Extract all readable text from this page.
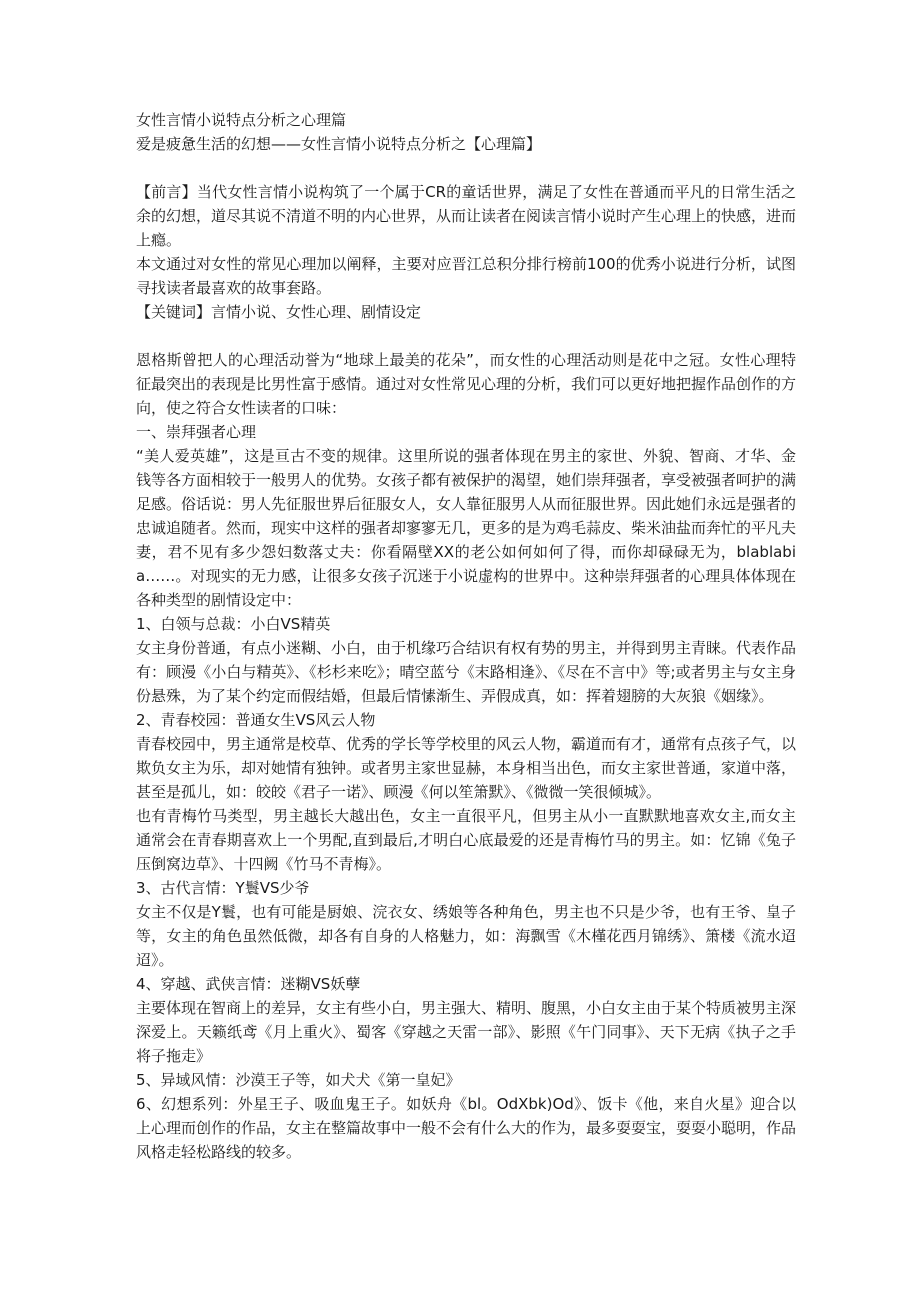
女性言情小说特点分析之心理篇

爱是疲惫生活的幻想——女性言情小说特点分析之【心理篇】

【前言】当代女性言情小说构筑了一个属于CR的童话世界，满足了女性在普通而平凡的日常生活之余的幻想，道尽其说不清道不明的内心世界，从而让读者在阅读言情小说时产生心理上的快感，进而上瘾。

本文通过对女性的常见心理加以阐释，主要对应晋江总积分排行榜前100的优秀小说进行分析，试图寻找读者最喜欢的故事套路。

【关键词】言情小说、女性心理、剧情设定

恩格斯曾把人的心理活动誉为“地球上最美的花朵”，而女性的心理活动则是花中之冠。女性心理特征最突出的表现是比男性富于感情。通过对女性常见心理的分析，我们可以更好地把握作品创作的方向，使之符合女性读者的口味：

一、崇拜强者心理

“美人爱英雄”，这是亘古不变的规律。这里所说的强者体现在男主的家世、外貌、智商、才华、金钱等各方面相较于一般男人的优势。女孩子都有被保护的渴望，她们崇拜强者，享受被强者呵护的满足感。俗话说：男人先征服世界后征服女人，女人靠征服男人从而征服世界。因此她们永远是强者的忠诚追随者。然而，现实中这样的强者却寥寥无几，更多的是为鸡毛蒜皮、柴米油盐而奔忙的平凡夫妻，君不见有多少怨妇数落丈夫：你看隔壁XX的老公如何如何了得，而你却碌碌无为，blablabia……。对现实的无力感，让很多女孩子沉迷于小说虚构的世界中。这种崇拜强者的心理具体体现在各种类型的剧情设定中：

1、白领与总裁：小白VS精英

女主身份普通，有点小迷糊、小白，由于机缘巧合结识有权有势的男主，并得到男主青睐。代表作品有：顾漫《小白与精英》、《杉杉来吃》；晴空蓝兮《末路相逢》、《尽在不言中》等;或者男主与女主身份悬殊，为了某个约定而假结婚，但最后情愫渐生、弄假成真，如：挥着翅膀的大灰狼《姻缘》。

2、青春校园：普通女生VS风云人物

青春校园中，男主通常是校草、优秀的学长等学校里的风云人物，霸道而有才，通常有点孩子气，以欺负女主为乐，却对她情有独钟。或者男主家世显赫，本身相当出色，而女主家世普通，家道中落，甚至是孤儿，如：皎皎《君子一诺》、顾漫《何以笙箫默》、《微微一笑很倾城》。

也有青梅竹马类型，男主越长大越出色，女主一直很平凡，但男主从小一直默默地喜欢女主,而女主通常会在青春期喜欢上一个男配,直到最后,才明白心底最爱的还是青梅竹马的男主。如：忆锦《兔子压倒窝边草》、十四阙《竹马不青梅》。

3、古代言情：Y鬟VS少爷

女主不仅是Y鬟，也有可能是厨娘、浣衣女、绣娘等各种角色，男主也不只是少爷，也有王爷、皇子等，女主的角色虽然低微，却各有自身的人格魅力，如：海飘雪《木槿花西月锦绣》、箫楼《流水迢迢》。

4、穿越、武侠言情：迷糊VS妖孽

主要体现在智商上的差异，女主有些小白，男主强大、精明、腹黑，小白女主由于某个特质被男主深深爱上。天籁纸鸢《月上重火》、蜀客《穿越之天雷一部》、影照《午门同事》、天下无病《执子之手将子拖走》

5、异域风情：沙漠王子等，如犬犬《第一皇妃》

6、幻想系列：外星王子、吸血鬼王子。如妖舟《bl。OdXbk)Od》、饭卡《他，来自火星》迎合以上心理而创作的作品，女主在整篇故事中一般不会有什么大的作为，最多耍耍宝，耍耍小聪明，作品风格走轻松路线的较多。
